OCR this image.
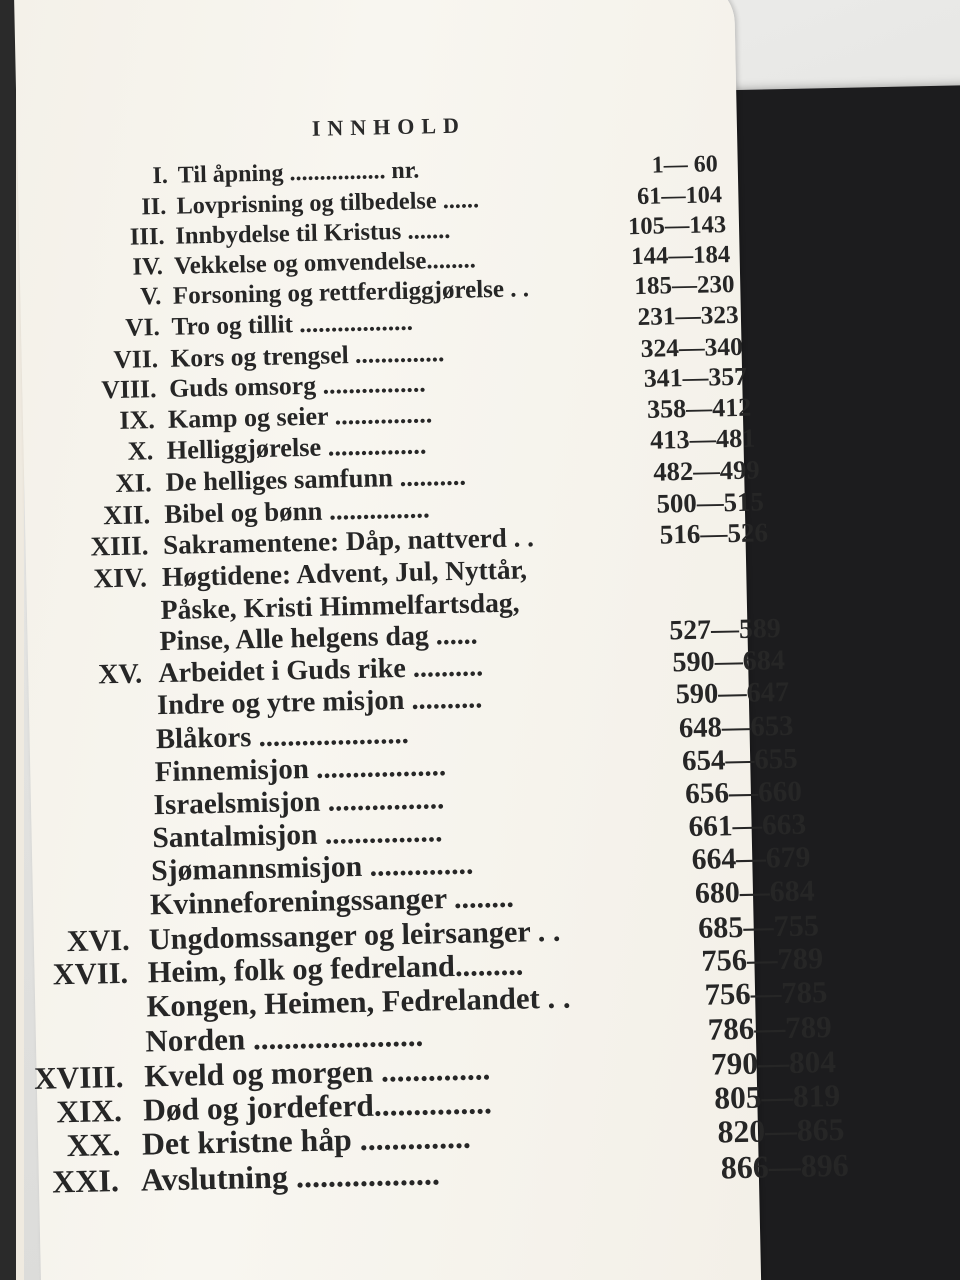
INNHOLD
I. Til åpning ................ nr.	1— 60
II. Lovprisning og tilbedelse ......	61—104
III. Innbydelse til Kristus .......	105—143
IV. Vekkelse og omvendelse........	144—184
V. Forsoning og rettferdiggjørelse . .	185—230
VI. Tro og tillit ..................	231—323
VII. Kors og trengsel ..............	324—340
VIII. Guds omsorg ................	341—357
IX. Kamp og seier ...............	358—412
X. Helliggjørelse ...............	413—481
XI. De helliges samfunn ..........	482—499
XII. Bibel og bønn ...............	500—515
XIII. Sakramentene: Dåp, nattverd . .	516—526
XIV. Høgtidene: Advent, Jul, Nyttår,
Påske, Kristi Himmelfartsdag,
Pinse, Alle helgens dag ......	527—589
XV. Arbeidet i Guds rike ..........	590—684
Indre og ytre misjon ..........	590—647
Blåkors .....................	648—653
Finnemisjon ..................	654—655
Israelsmisjon ................	656—660
Santalmisjon ................	661—663
Sjømannsmisjon ..............	664—679
Kvinneforeningssanger ........	680—684
XVI. Ungdomssanger og leirsanger . .	685—755
XVII. Heim, folk og fedreland.........	756—789
Kongen, Heimen, Fedrelandet . .	756—785
Norden ......................	786—789
XVIII. Kveld og morgen ..............	790—804
XIX. Død og jordeferd...............	805—819
XX. Det kristne håp ..............	820—865
XXI. Avslutning ..................	866—896
